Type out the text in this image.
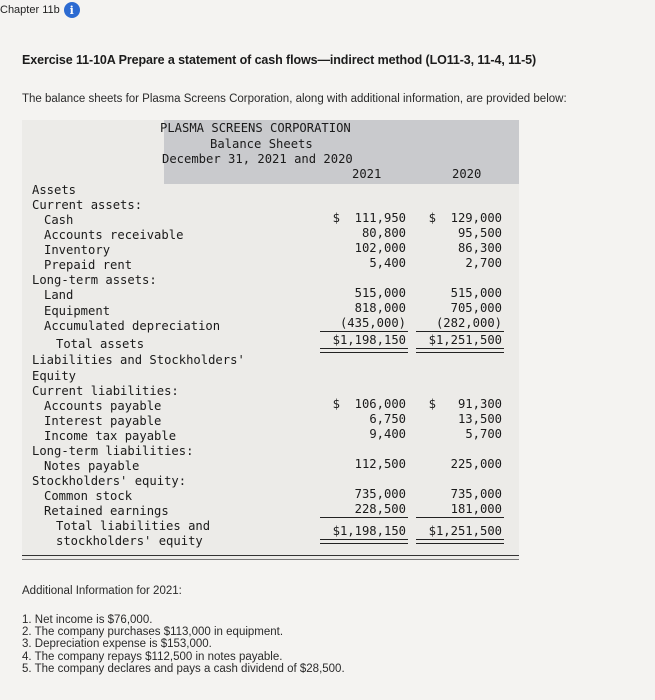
Chapter 11b i
Exercise 11-10A Prepare a statement of cash flows—indirect method (LO11-3, 11-4, 11-5)
The balance sheets for Plasma Screens Corporation, along with additional information, are provided below:
PLASMA SCREENS CORPORATION
Balance Sheets
December 31, 2021 and 2020
2021	2020
Assets
Current assets:
Cash
Accounts receivable
Inventory
Prepaid rent
Long-term assets:
Land
Equipment
Accumulated depreciation
Total assets
Liabilities and Stockholders'
Equity
Current liabilities:
Accounts payable
Interest payable
Income tax payable
Long-term liabilities:
Notes payable
Stockholders' equity:
Common stock
Retained earnings
Total liabilities and
stockholders' equity
$  111,950
80,800
102,000
5,400
515,000
818,000
(435,000)
$1,198,150
$  106,000
6,750
9,400
112,500
735,000
228,500
$1,198,150
$  129,000
95,500
86,300
2,700
515,000
705,000
(282,000)
$1,251,500
$   91,300
13,500
5,700
225,000
735,000
181,000
$1,251,500
Additional Information for 2021:
1. Net income is $76,000.
2. The company purchases $113,000 in equipment.
3. Depreciation expense is $153,000.
4. The company repays $112,500 in notes payable.
5. The company declares and pays a cash dividend of $28,500.
